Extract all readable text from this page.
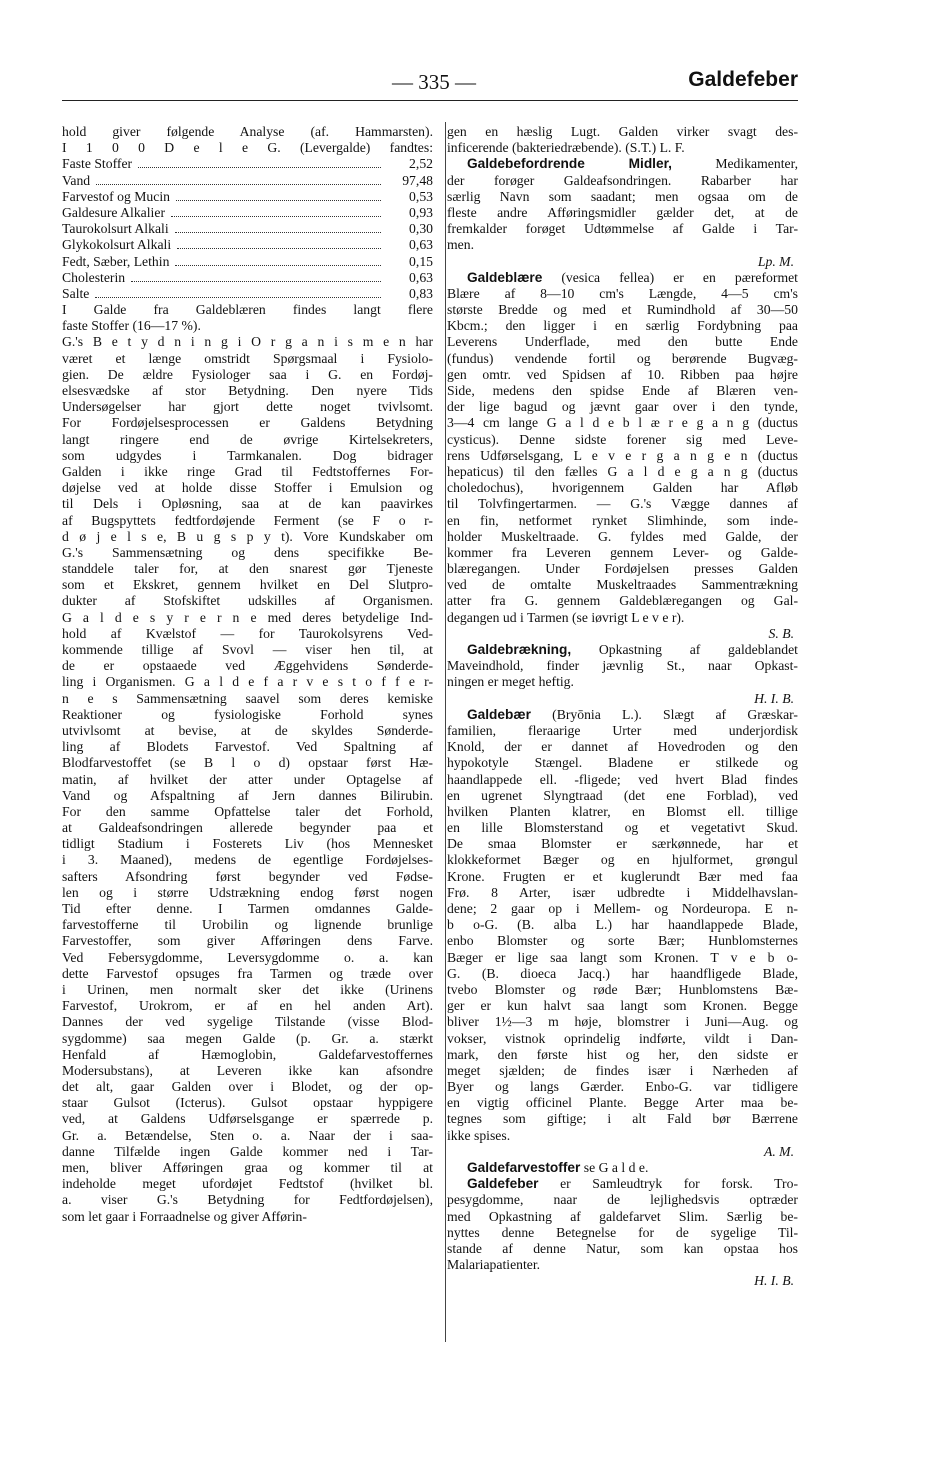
— 335 —	Galdefeber
hold giver følgende Analyse (af. Hammarsten).
I 1 0 0 D e l e G. (Levergalde) fandtes:
Faste Stoffer	2,52
Vand	97,48
Farvestof og Mucin	0,53
Galdesure Alkalier	0,93
Taurokolsurt Alkali	0,30
Glykokolsurt Alkali	0,63
Fedt, Sæber, Lethin	0,15
Cholesterin	0,63
Salte	0,83
I Galde fra Galdeblæren findes langt flere
faste Stoffer (16—17 %).
G.'s B e t y d n i n g i O r g a n i s m e n har
været et længe omstridt Spørgsmaal i Fysiolo-
gien. De ældre Fysiologer saa i G. en Fordøj-
elsesvædske af stor Betydning. Den nyere Tids
Undersøgelser har gjort dette noget tvivlsomt.
For Fordøjelsesprocessen er Galdens Betydning
langt ringere end de øvrige Kirtelsekreters,
som udgydes i Tarmkanalen. Dog bidrager
Galden i ikke ringe Grad til Fedtstoffernes For-
døjelse ved at holde disse Stoffer i Emulsion og
til Dels i Opløsning, saa at de kan paavirkes
af Bugspyttets fedtfordøjende Ferment (se F o r-
d ø j e l s e, B u g s p y t). Vore Kundskaber om
G.'s Sammensætning og dens specifikke Be-
standdele taler for, at den snarest gør Tjeneste
som et Ekskret, gennem hvilket en Del Slutpro-
dukter af Stofskiftet udskilles af Organismen.
G a l d e s y r e r n e med deres betydelige Ind-
hold af Kvælstof — for Taurokolsyrens Ved-
kommende tillige af Svovl — viser hen til, at
de er opstaaede ved Æggehvidens Sønderde-
ling i Organismen. G a l d e f a r v e s t o f f e r-
n e s Sammensætning saavel som deres kemiske
Reaktioner og fysiologiske Forhold synes
utvivlsomt at bevise, at de skyldes Sønderde-
ling af Blodets Farvestof. Ved Spaltning af
Blodfarvestoffet (se B l o d) opstaar først Hæ-
matin, af hvilket der atter under Optagelse af
Vand og Afspaltning af Jern dannes Bilirubin.
For den samme Opfattelse taler det Forhold,
at Galdeafsondringen allerede begynder paa et
tidligt Stadium i Fosterets Liv (hos Mennesket
i 3. Maaned), medens de egentlige Fordøjelses-
safters Afsondring først begynder ved Fødse-
len og i større Udstrækning endog først nogen
Tid efter denne. I Tarmen omdannes Galde-
farvestofferne til Urobilin og lignende brunlige
Farvestoffer, som giver Afføringen dens Farve.
Ved Febersygdomme, Leversygdomme o. a. kan
dette Farvestof opsuges fra Tarmen og træde over
i Urinen, men normalt sker det ikke (Urinens
Farvestof, Urokrom, er af en hel anden Art).
Dannes der ved sygelige Tilstande (visse Blod-
sygdomme) saa megen Galde (p. Gr. a. stærkt
Henfald af Hæmoglobin, Galdefarvestoffernes
Modersubstans), at Leveren ikke kan afsondre
det alt, gaar Galden over i Blodet, og der op-
staar Gulsot (Icterus). Gulsot opstaar hyppigere
ved, at Galdens Udførselsgange er spærrede p.
Gr. a. Betændelse, Sten o. a. Naar der i saa-
danne Tilfælde ingen Galde kommer ned i Tar-
men, bliver Afføringen graa og kommer til at
indeholde meget ufordøjet Fedtstof (hvilket bl.
a. viser G.'s Betydning for Fedtfordøjelsen),
som let gaar i Forraadnelse og giver Afførin-
gen en hæslig Lugt. Galden virker svagt des-
inficerende (bakteriedræbende). (S.T.) L. F.
Galdebefordrende Midler, Medikamenter,
der forøger Galdeafsondringen. Rabarber har
særlig Navn som saadant; men ogsaa om de
fleste andre Afføringsmidler gælder det, at de
fremkalder forøget Udtømmelse af Galde i Tar-
men.
Lp. M.
Galdeblære (vesica fellea) er en pæreformet
Blære af 8—10 cm's Længde, 4—5 cm's
største Bredde og med et Rumindhold af 30—50
Kbcm.; den ligger i en særlig Fordybning paa
Leverens Underflade, med den butte Ende
(fundus) vendende fortil og berørende Bugvæg-
gen omtr. ved Spidsen af 10. Ribben paa højre
Side, medens den spidse Ende af Blæren ven-
der lige bagud og jævnt gaar over i den tynde,
3—4 cm lange G a l d e b l æ r e g a n g (ductus
cysticus). Denne sidste forener sig med Leve-
rens Udførselsgang, L e v e r g a n g e n (ductus
hepaticus) til den fælles G a l d e g a n g (ductus
choledochus), hvorigennem Galden har Afløb
til Tolvfingertarmen. — G.'s Vægge dannes af
en fin, netformet rynket Slimhinde, som inde-
holder Muskeltraade. G. fyldes med Galde, der
kommer fra Leveren gennem Lever- og Galde-
blæregangen. Under Fordøjelsen presses Galden
ved de omtalte Muskeltraades Sammentrækning
atter fra G. gennem Galdeblæregangen og Gal-
degangen ud i Tarmen (se iøvrigt L e v e r).
S. B.
Galdebrækning, Opkastning af galdeblandet
Maveindhold, finder jævnlig St., naar Opkast-
ningen er meget heftig.
H. I. B.
Galdebær (Bryōnia L.). Slægt af Græskar-
familien, fleraarige Urter med underjordisk
Knold, der er dannet af Hovedroden og den
hypokotyle Stængel. Bladene er stilkede og
haandlappede ell. -fligede; ved hvert Blad findes
en ugrenet Slyngtraad (det ene Forblad), ved
hvilken Planten klatrer, en Blomst ell. tillige
en lille Blomsterstand og et vegetativt Skud.
De smaa Blomster er særkønnede, har et
klokkeformet Bæger og en hjulformet, grøngul
Krone. Frugten er et kuglerundt Bær med faa
Frø. 8 Arter, især udbredte i Middelhavslan-
dene; 2 gaar op i Mellem- og Nordeuropa. E n-
b o-G. (B. alba L.) har haandlappede Blade,
enbo Blomster og sorte Bær; Hunblomsternes
Bæger er lige saa langt som Kronen. T v e b o-
G. (B. dioeca Jacq.) har haandfligede Blade,
tvebo Blomster og røde Bær; Hunblomstens Bæ-
ger er kun halvt saa langt som Kronen. Begge
bliver 1½—3 m høje, blomstrer i Juni—Aug. og
vokser, vistnok oprindelig indførte, vildt i Dan-
mark, den første hist og her, den sidste er
meget sjælden; de findes især i Nærheden af
Byer og langs Gærder. Enbo-G. var tidligere
en vigtig officinel Plante. Begge Arter maa be-
tegnes som giftige; i alt Fald bør Bærrene
ikke spises.
A. M.
Galdefarvestoffer se G a l d e.
Galdefeber er Samleudtryk for forsk. Tro-
pesygdomme, naar de lejlighedsvis optræder
med Opkastning af galdefarvet Slim. Særlig be-
nyttes denne Betegnelse for de sygelige Til-
stande af denne Natur, som kan opstaa hos
Malariapatienter.
H. I. B.
